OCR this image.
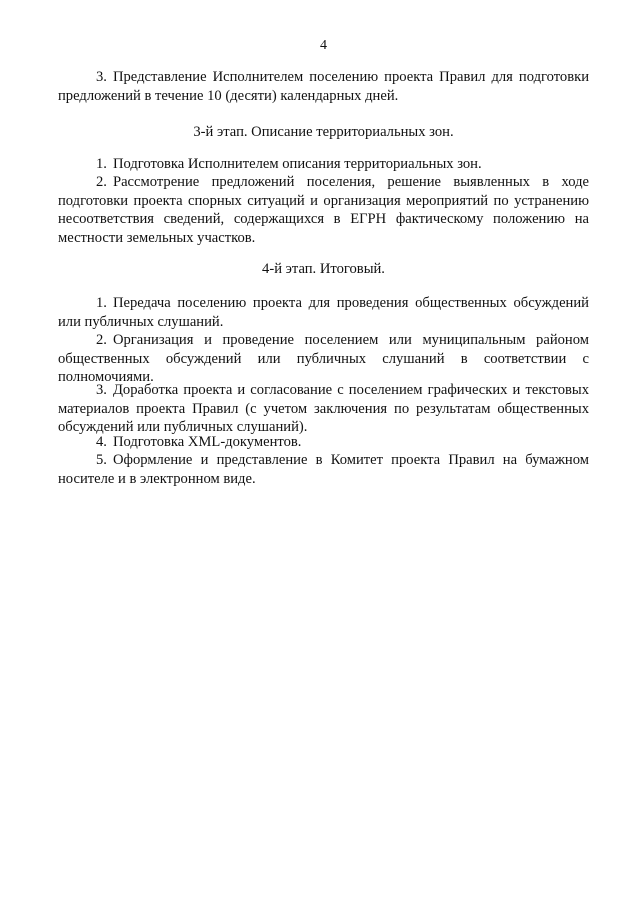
4

3. Представление Исполнителем поселению проекта Правил для подготовки предложений в течение 10 (десяти) календарных дней.

3-й этап. Описание территориальных зон.

1. Подготовка Исполнителем описания территориальных зон.

2. Рассмотрение предложений поселения, решение выявленных в ходе подготовки проекта спорных ситуаций и организация мероприятий по устранению несоответствия сведений, содержащихся в ЕГРН фактическому положению на местности земельных участков.

4-й этап. Итоговый.

1. Передача поселению проекта для проведения общественных обсуждений или публичных слушаний.

2. Организация и проведение поселением или муниципальным районом общественных обсуждений или публичных слушаний в соответствии с полномочиями.

3. Доработка проекта и согласование с поселением графических и текстовых материалов проекта Правил (с учетом заключения по результатам общественных обсуждений или публичных слушаний).

4. Подготовка XML-документов.

5. Оформление и представление в Комитет проекта Правил на бумажном носителе и в электронном виде.
